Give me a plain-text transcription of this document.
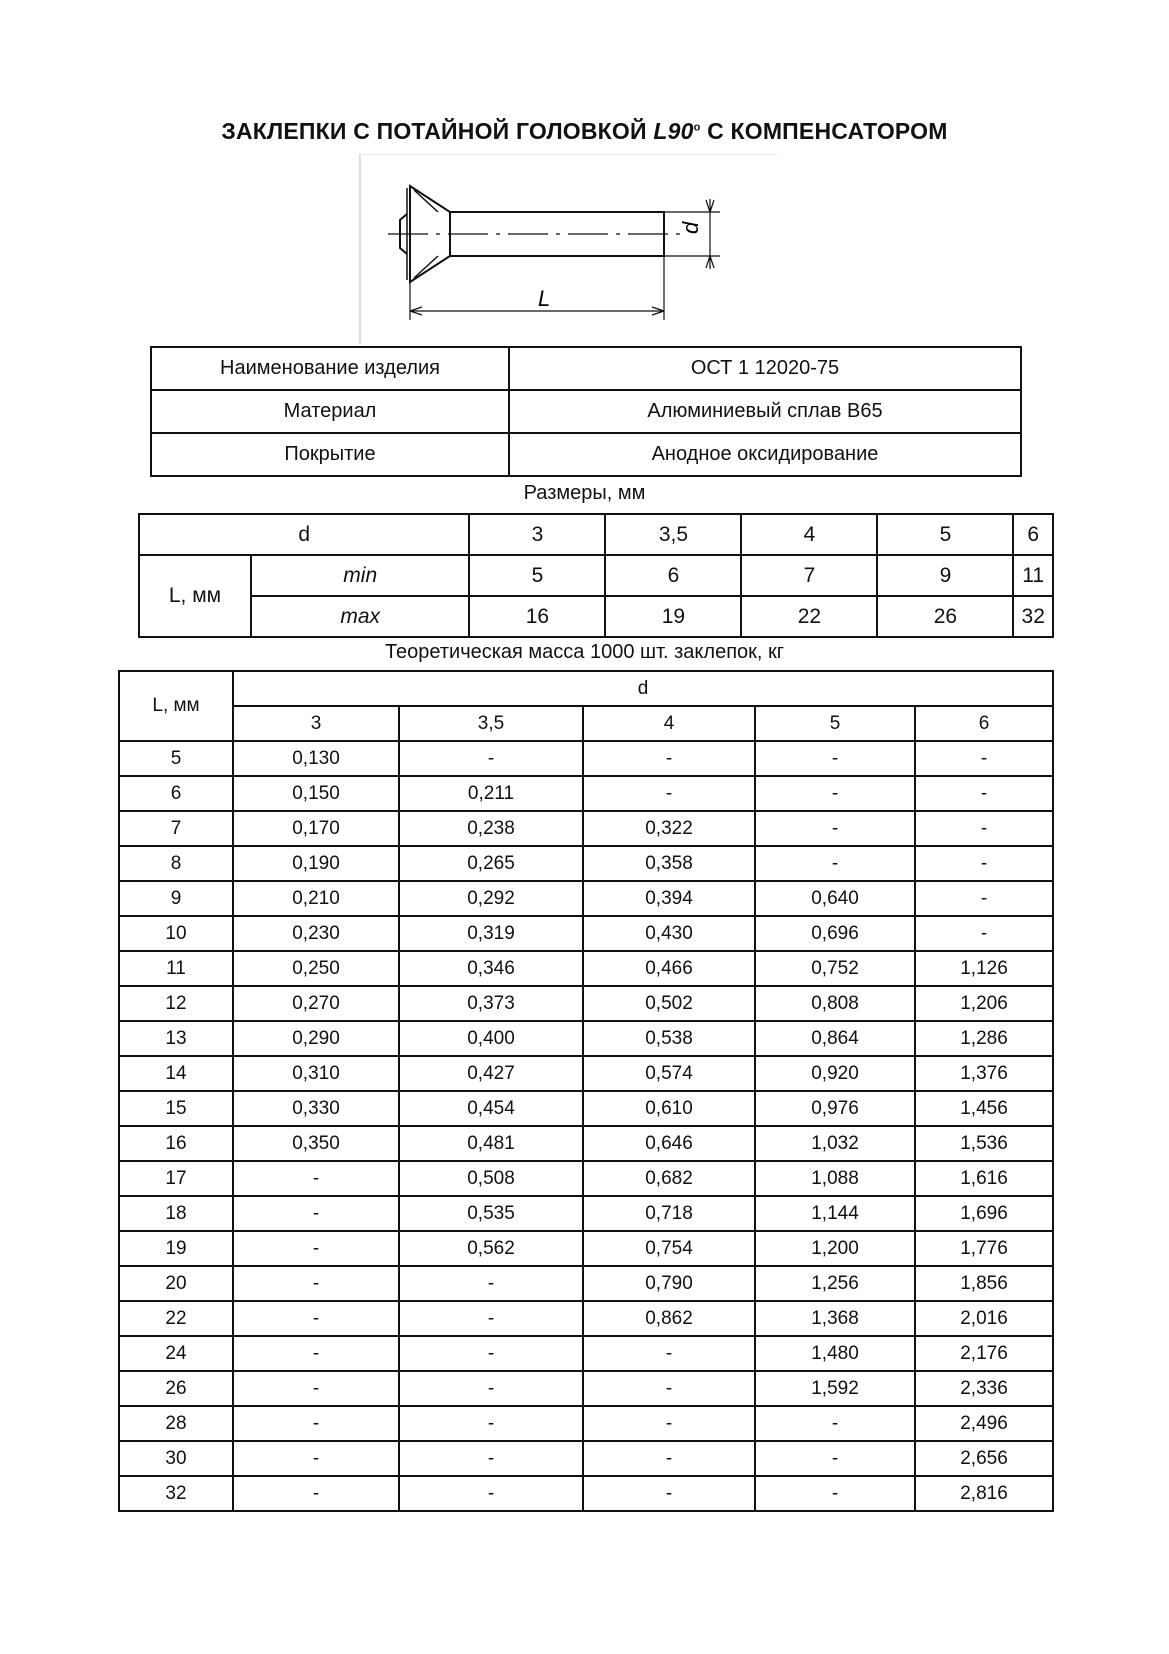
ЗАКЛЕПКИ С ПОТАЙНОЙ ГОЛОВКОЙ L90$^o$ С КОМПЕНСАТОРОМ
d
L
Наименование изделия	ОСТ 1 12020-75
Материал	Алюминиевый сплав В65
Покрытие	Анодное оксидирование
Размеры, мм
d		3	3,5	4	5	6
L, мм	min	5	6	7	9	11
	max	16	19	22	26	32
Теоретическая масса 1000 шт. заклепок, кг
L, мм	d				
	3	3,5	4	5	6
5	0,130	-	-	-	-
6	0,150	0,211	-	-	-
7	0,170	0,238	0,322	-	-
8	0,190	0,265	0,358	-	-
9	0,210	0,292	0,394	0,640	-
10	0,230	0,319	0,430	0,696	-
11	0,250	0,346	0,466	0,752	1,126
12	0,270	0,373	0,502	0,808	1,206
13	0,290	0,400	0,538	0,864	1,286
14	0,310	0,427	0,574	0,920	1,376
15	0,330	0,454	0,610	0,976	1,456
16	0,350	0,481	0,646	1,032	1,536
17	-	0,508	0,682	1,088	1,616
18	-	0,535	0,718	1,144	1,696
19	-	0,562	0,754	1,200	1,776
20	-	-	0,790	1,256	1,856
22	-	-	0,862	1,368	2,016
24	-	-	-	1,480	2,176
26	-	-	-	1,592	2,336
28	-	-	-	-	2,496
30	-	-	-	-	2,656
32	-	-	-	-	2,816
